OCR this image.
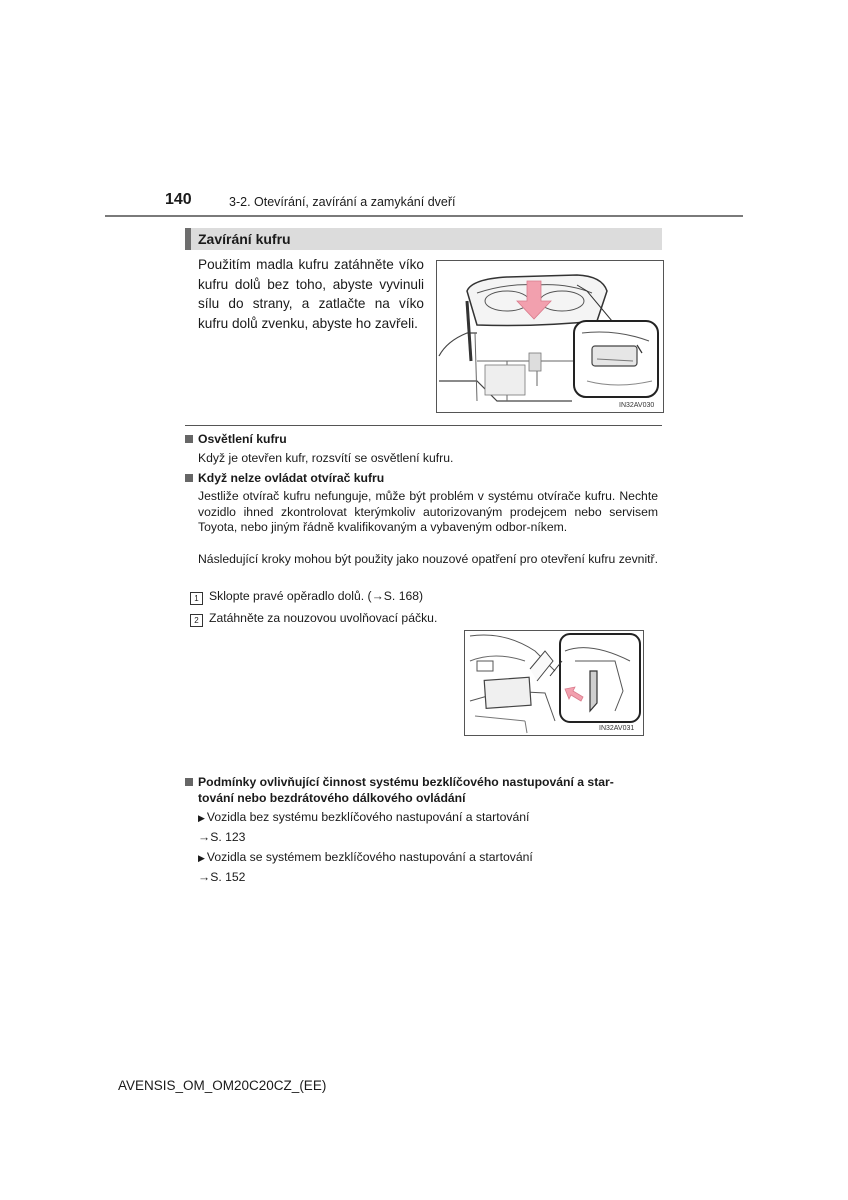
140	3-2. Otevírání, zavírání a zamykání dveří
Zavírání kufru
Použitím madla kufru zatáhněte víko kufru dolů bez toho, abyste vyvinuli sílu do strany, a zatlačte na víko kufru dolů zvenku, abyste ho zavřeli.
IN32AV030
Osvětlení kufru
Když je otevřen kufr, rozsvítí se osvětlení kufru.
Když nelze ovládat otvírač kufru
Jestliže otvírač kufru nefunguje, může být problém v systému otvírače kufru. Nechte vozidlo ihned zkontrolovat kterýmkoliv autorizovaným prodejcem nebo servisem Toyota, nebo jiným řádně kvalifikovaným a vybaveným odbor-níkem.
Následující kroky mohou být použity jako nouzové opatření pro otevření kufru zevnitř.
1 Sklopte pravé opěradlo dolů. (→S. 168)
2 Zatáhněte za nouzovou uvolňovací páčku.
IN32AV031
Podmínky ovlivňující činnost systému bezklíčového nastupování a star-
tování nebo bezdrátového dálkového ovládání
▶ Vozidla bez systému bezklíčového nastupování a startování
→S. 123
▶ Vozidla se systémem bezklíčového nastupování a startování
→S. 152
AVENSIS_OM_OM20C20CZ_(EE)
